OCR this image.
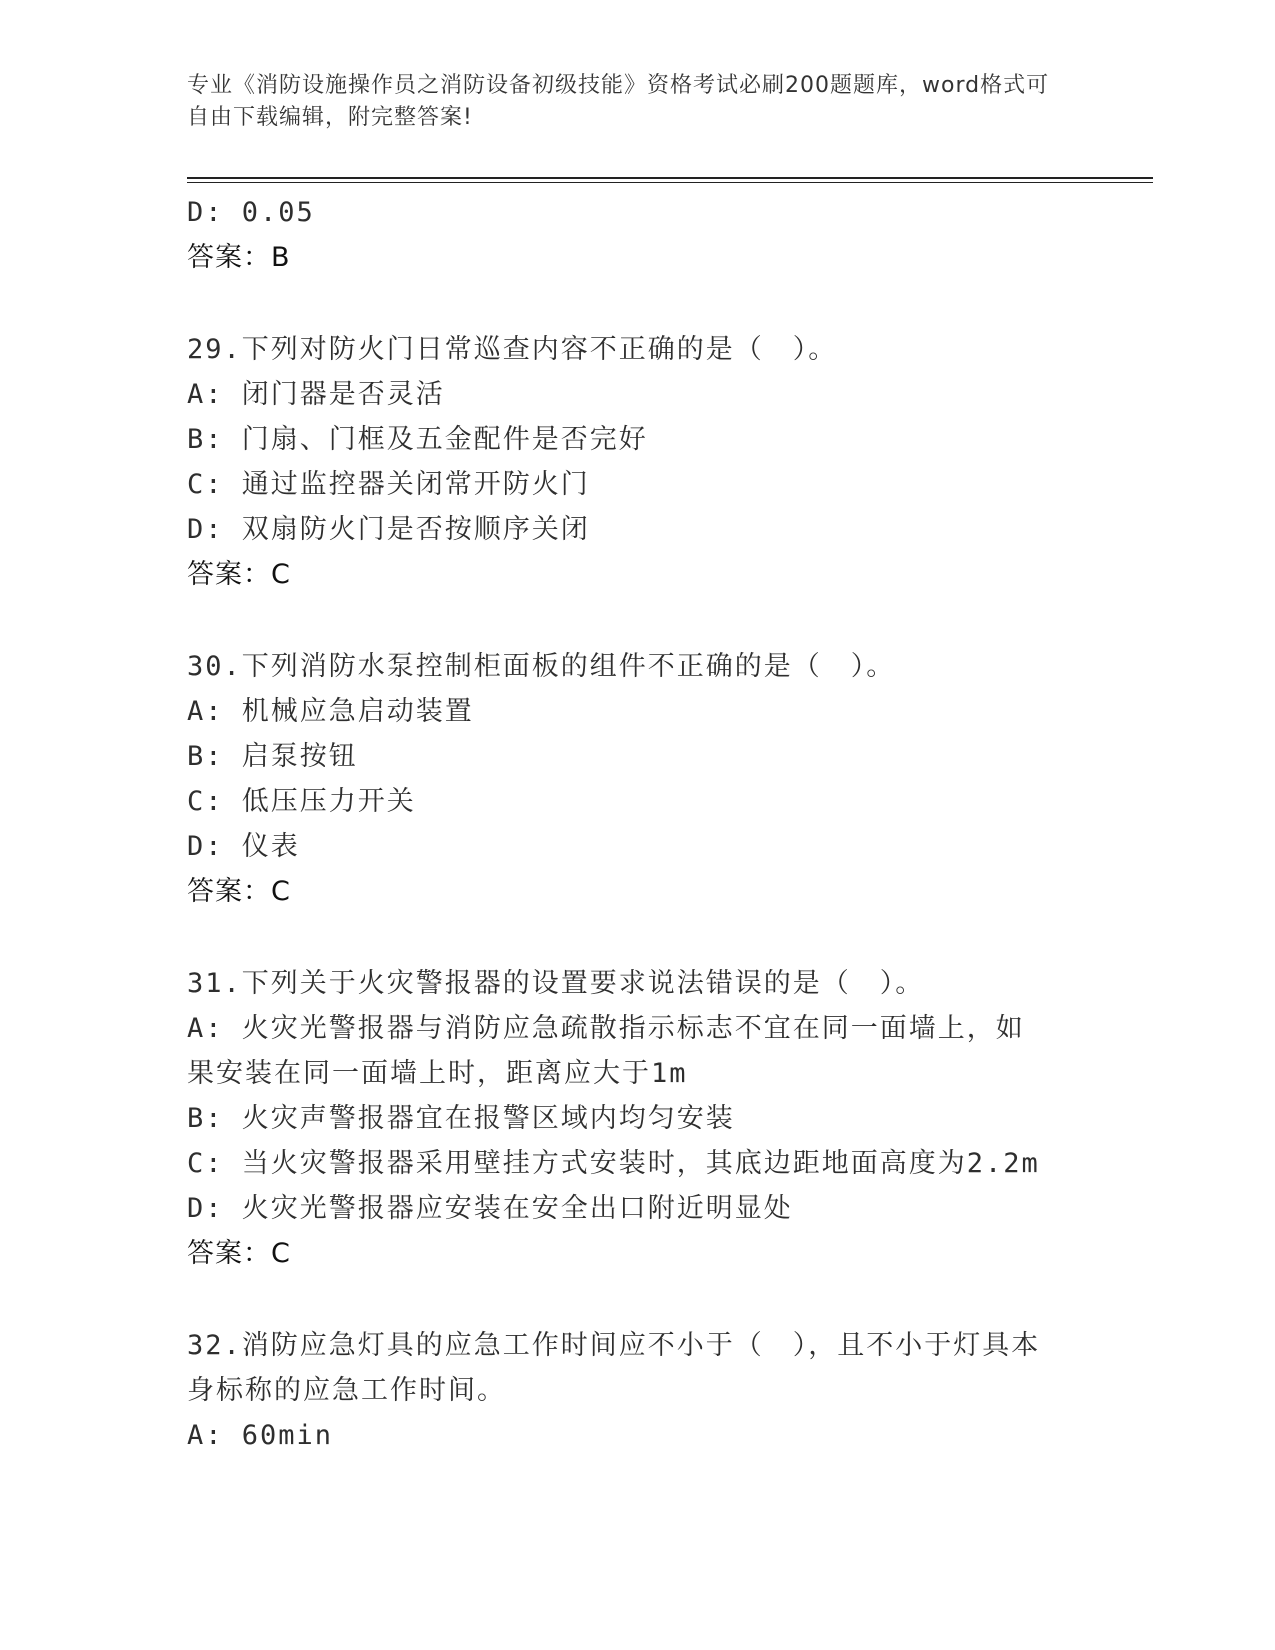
专业《消防设施操作员之消防设备初级技能》资格考试必刷200题题库，word格式可自由下载编辑，附完整答案!
D: 0.05
答案：B
29.下列对防火门日常巡查内容不正确的是（　）。
A: 闭门器是否灵活
B: 门扇、门框及五金配件是否完好
C: 通过监控器关闭常开防火门
D: 双扇防火门是否按顺序关闭
答案：C
30.下列消防水泵控制柜面板的组件不正确的是（　）。
A: 机械应急启动装置
B: 启泵按钮
C: 低压压力开关
D: 仪表
答案：C
31.下列关于火灾警报器的设置要求说法错误的是（　）。
A: 火灾光警报器与消防应急疏散指示标志不宜在同一面墙上，如果安装在同一面墙上时，距离应大于1m
B: 火灾声警报器宜在报警区域内均匀安装
C: 当火灾警报器采用壁挂方式安装时，其底边距地面高度为2.2m
D: 火灾光警报器应安装在安全出口附近明显处
答案：C
32.消防应急灯具的应急工作时间应不小于（　），且不小于灯具本身标称的应急工作时间。
A: 60min
